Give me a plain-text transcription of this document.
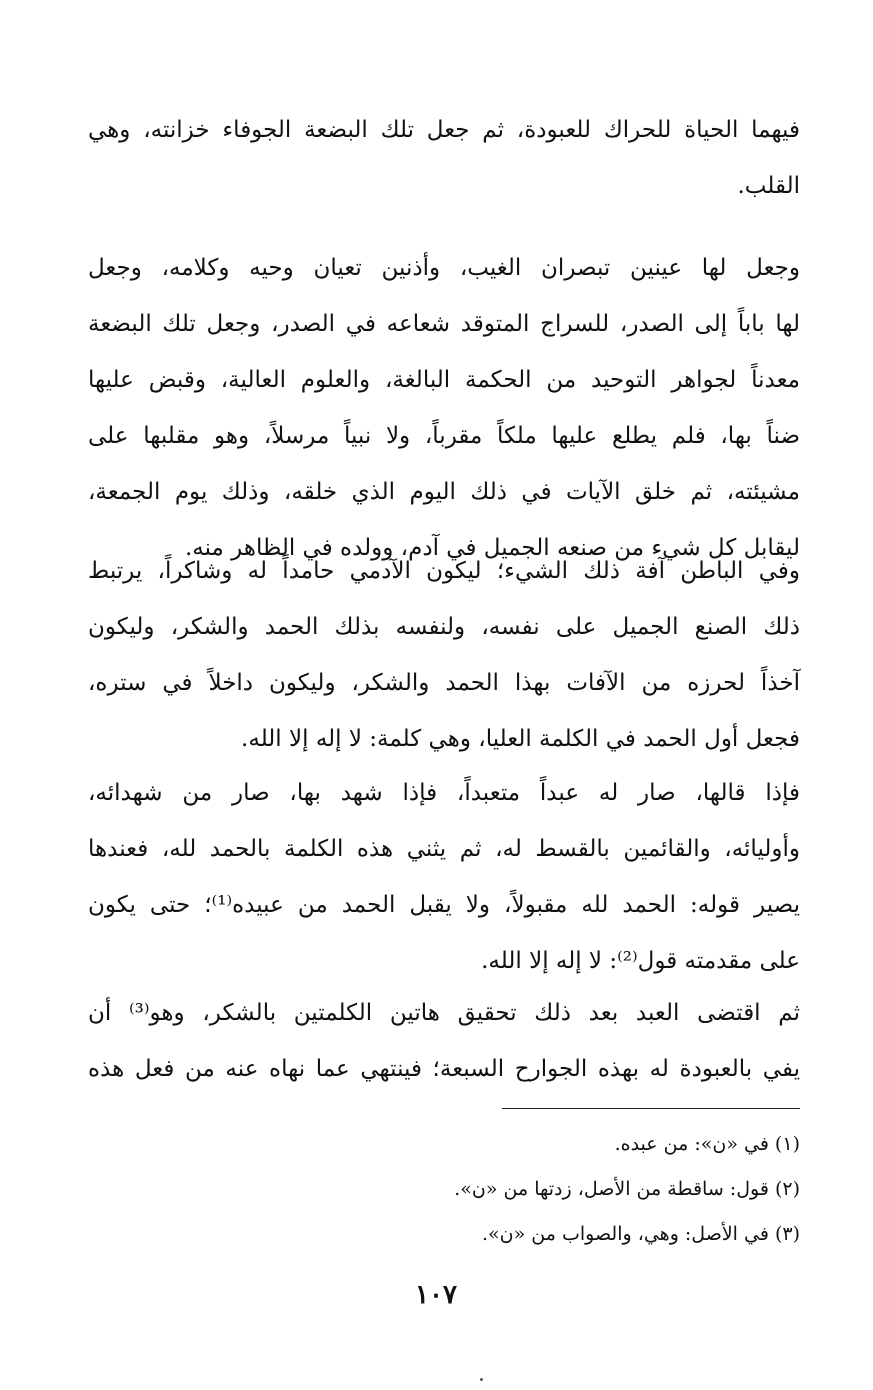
فيهما الحياة للحراك للعبودة، ثم جعل تلك البضعة الجوفاء خزانته، وهي
القلب.
وجعل لها عينين تبصران الغيب، وأذنين تعيان وحيه وكلامه، وجعل
لها باباً إلى الصدر، للسراج المتوقد شعاعه في الصدر، وجعل تلك البضعة
معدناً لجواهر التوحيد من الحكمة البالغة، والعلوم العالية، وقبض عليها
ضناً بها، فلم يطلع عليها ملكاً مقرباً، ولا نبياً مرسلاً، وهو مقلبها على
مشيئته، ثم خلق الآيات في ذلك اليوم الذي خلقه، وذلك يوم الجمعة،
ليقابل كل شيء من صنعه الجميل في آدم، وولده في الظاهر منه.
وفي الباطن آفة ذلك الشيء؛ ليكون الآدمي حامداً له وشاكراً، يرتبط
ذلك الصنع الجميل على نفسه، ولنفسه بذلك الحمد والشكر، وليكون
آخذاً لحرزه من الآفات بهذا الحمد والشكر، وليكون داخلاً في ستره،
فجعل أول الحمد في الكلمة العليا، وهي كلمة: لا إله إلا الله.
فإذا قالها، صار له عبداً متعبداً، فإذا شهد بها، صار من شهدائه،
وأوليائه، والقائمين بالقسط له، ثم يثني هذه الكلمة بالحمد لله، فعندها
يصير قوله: الحمد لله مقبولاً، ولا يقبل الحمد من عبيده⁽¹⁾؛ حتى يكون
على مقدمته قول⁽²⁾: لا إله إلا الله.
ثم اقتضى العبد بعد ذلك تحقيق هاتين الكلمتين بالشكر، وهو⁽³⁾ أن
يفي بالعبودة له بهذه الجوارح السبعة؛ فينتهي عما نهاه عنه من فعل هذه
(١) في «ن»: من عبده.
(٢) قول: ساقطة من الأصل، زدتها من «ن».
(٣) في الأصل: وهي، والصواب من «ن».
١٠٧
